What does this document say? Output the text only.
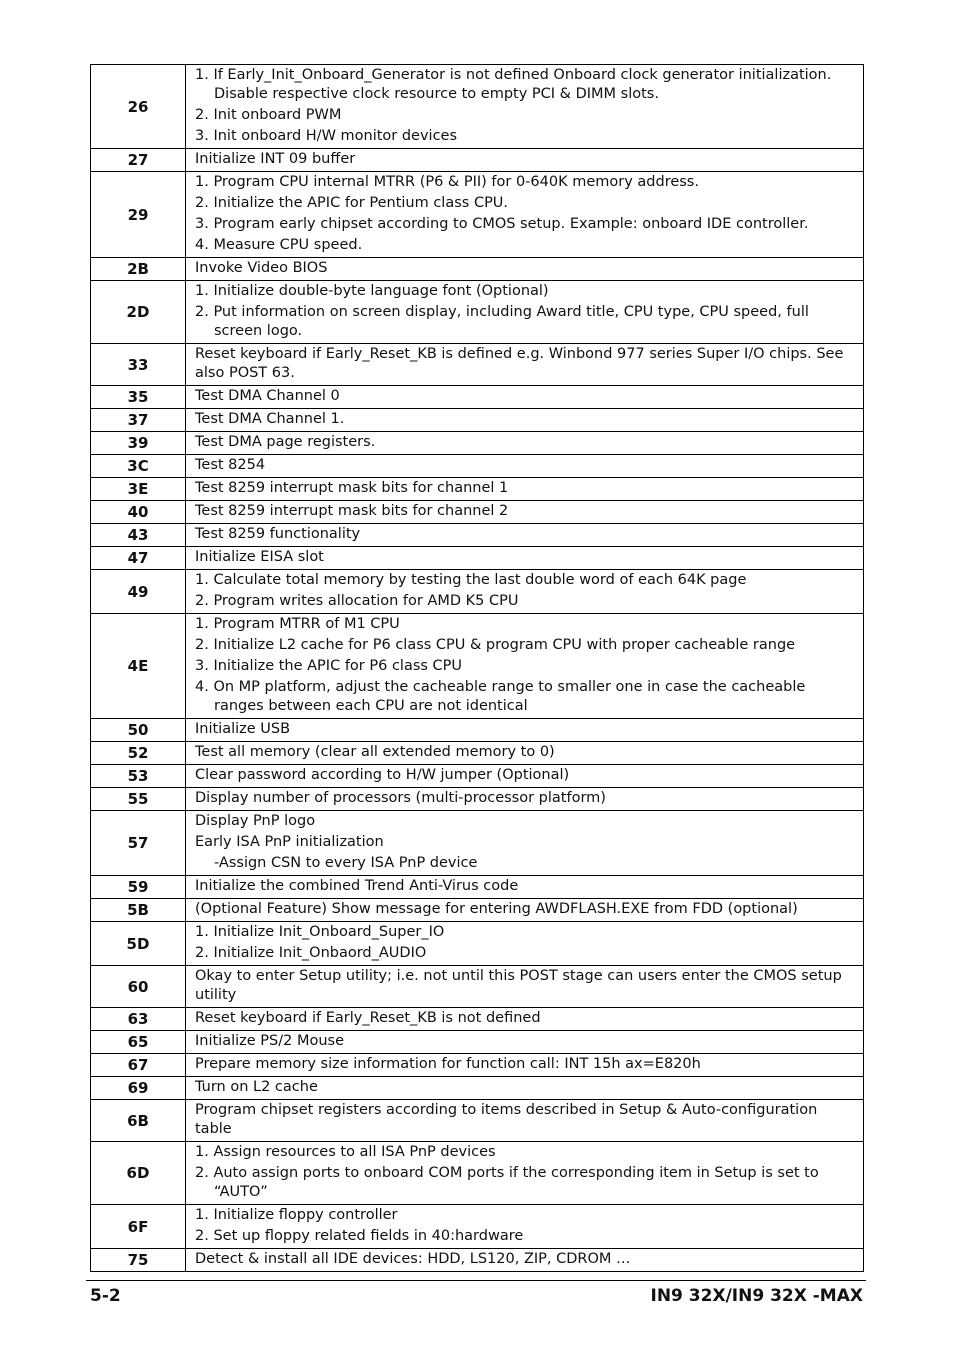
26	1. If Early_Init_Onboard_Generator is not defined Onboard clock generator initialization. Disable respective clock resource to empty PCI & DIMM slots.
2. Init onboard PWM
3. Init onboard H/W monitor devices

27	Initialize INT 09 buffer

29	1. Program CPU internal MTRR (P6 & PII) for 0-640K memory address.
2. Initialize the APIC for Pentium class CPU.
3. Program early chipset according to CMOS setup. Example: onboard IDE controller.
4. Measure CPU speed.

2B	Invoke Video BIOS

2D	1. Initialize double-byte language font (Optional)
2. Put information on screen display, including Award title, CPU type, CPU speed, full screen logo.

33	Reset keyboard if Early_Reset_KB is defined e.g. Winbond 977 series Super I/O chips. See also POST 63.

35	Test DMA Channel 0

37	Test DMA Channel 1.

39	Test DMA page registers.

3C	Test 8254

3E	Test 8259 interrupt mask bits for channel 1

40	Test 8259 interrupt mask bits for channel 2

43	Test 8259 functionality

47	Initialize EISA slot

49	1. Calculate total memory by testing the last double word of each 64K page
2. Program writes allocation for AMD K5 CPU

4E	1. Program MTRR of M1 CPU
2. Initialize L2 cache for P6 class CPU & program CPU with proper cacheable range
3. Initialize the APIC for P6 class CPU
4. On MP platform, adjust the cacheable range to smaller one in case the cacheable ranges between each CPU are not identical

50	Initialize USB

52	Test all memory (clear all extended memory to 0)

53	Clear password according to H/W jumper (Optional)

55	Display number of processors (multi-processor platform)

57	Display PnP logo
Early ISA PnP initialization
-Assign CSN to every ISA PnP device

59	Initialize the combined Trend Anti-Virus code

5B	(Optional Feature) Show message for entering AWDFLASH.EXE from FDD (optional)

5D	1. Initialize Init_Onboard_Super_IO
2. Initialize Init_Onbaord_AUDIO

60	Okay to enter Setup utility; i.e. not until this POST stage can users enter the CMOS setup utility

63	Reset keyboard if Early_Reset_KB is not defined

65	Initialize PS/2 Mouse

67	Prepare memory size information for function call: INT 15h ax=E820h

69	Turn on L2 cache

6B	Program chipset registers according to items described in Setup & Auto-configuration table

6D	1. Assign resources to all ISA PnP devices
2. Auto assign ports to onboard COM ports if the corresponding item in Setup is set to “AUTO”

6F	1. Initialize floppy controller
2. Set up floppy related fields in 40:hardware

75	Detect & install all IDE devices: HDD, LS120, ZIP, CDROM …
5-2	IN9 32X/IN9 32X -MAX
